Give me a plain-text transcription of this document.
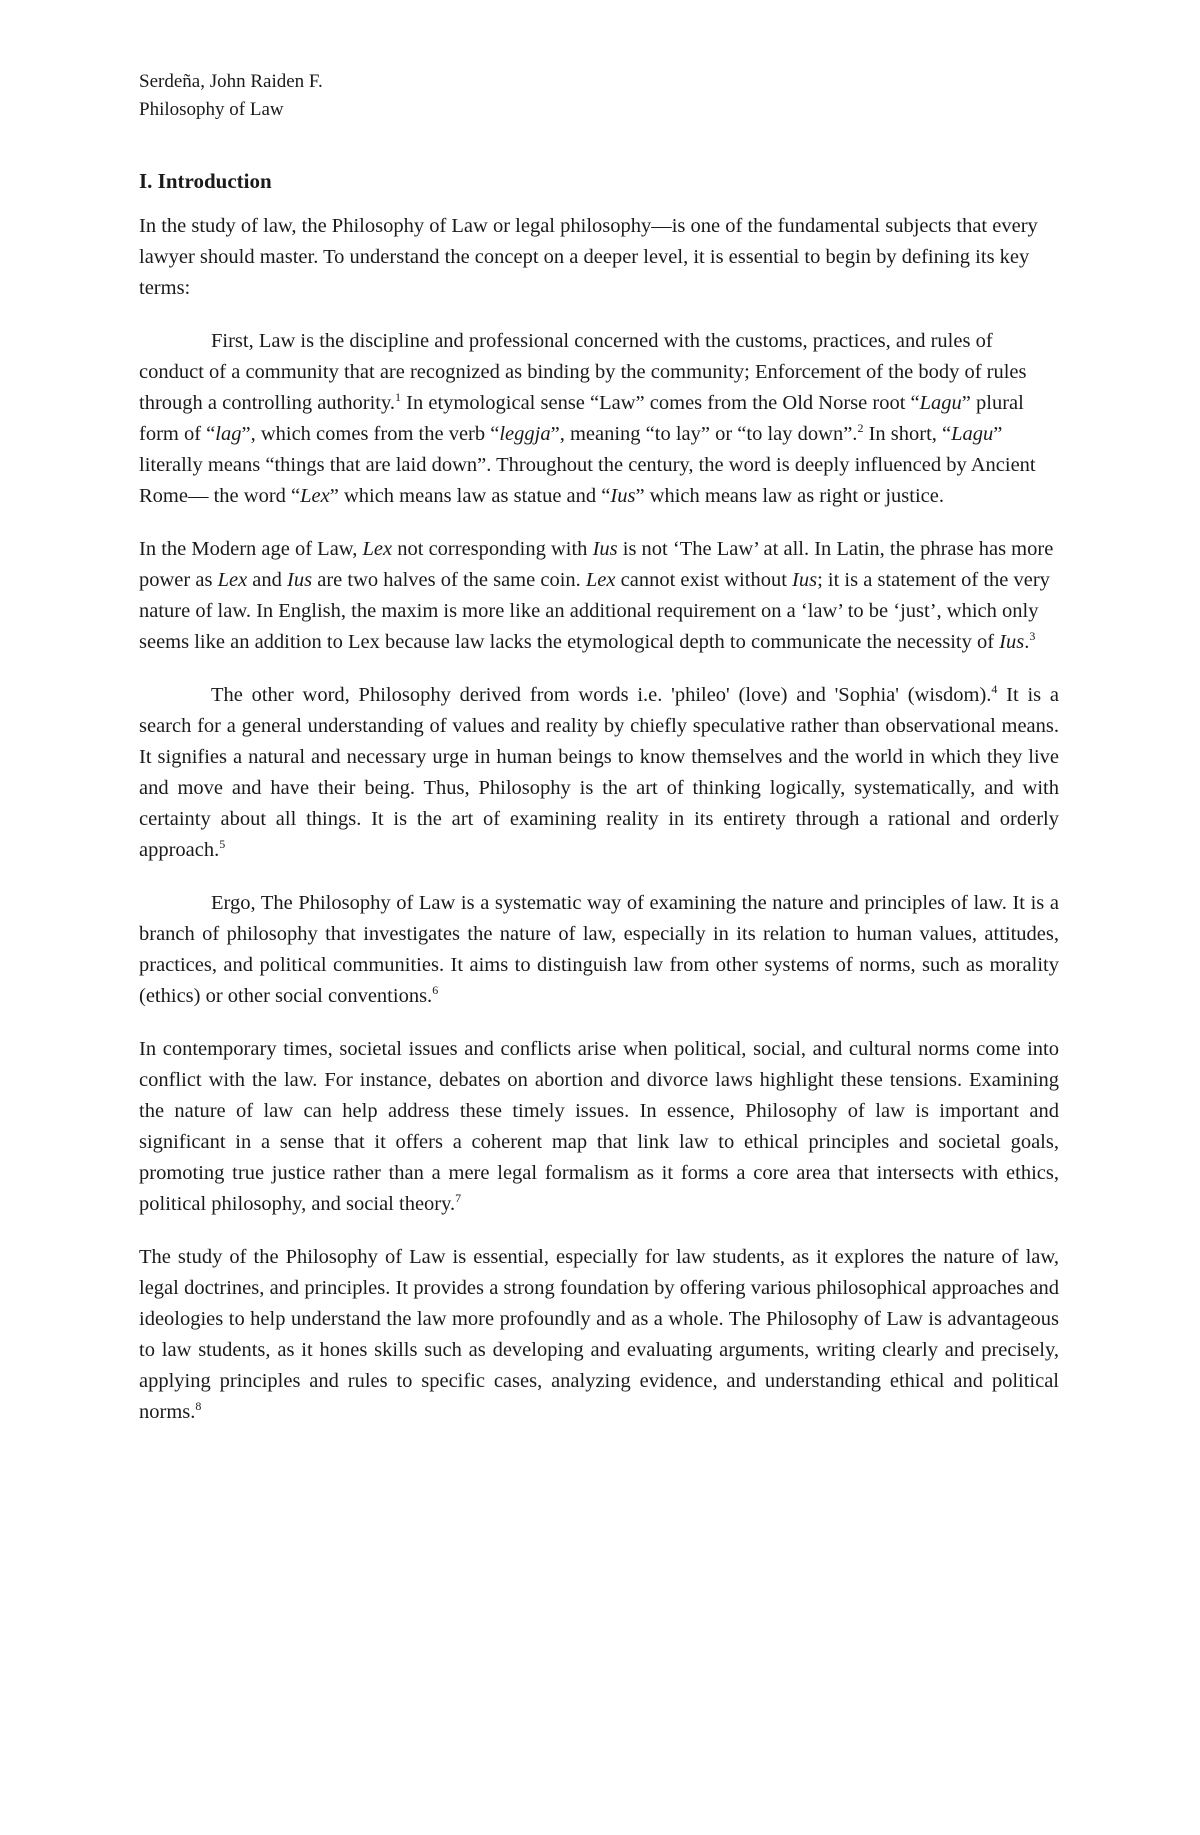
Serdeña, John Raiden F.

Philosophy of Law

I. Introduction

In the study of law, the Philosophy of Law or legal philosophy—is one of the fundamental subjects that every lawyer should master. To understand the concept on a deeper level, it is essential to begin by defining its key terms:

First, Law is the discipline and professional concerned with the customs, practices, and rules of conduct of a community that are recognized as binding by the community; Enforcement of the body of rules through a controlling authority.$^1$ In etymological sense “Law” comes from the Old Norse root “Lagu” plural form of “lag”, which comes from the verb “leggja”, meaning “to lay” or “to lay down”.$^2$ In short, “Lagu” literally means “things that are laid down”. Throughout the century, the word is deeply influenced by Ancient Rome— the word “Lex” which means law as statue and “Ius” which means law as right or justice.

In the Modern age of Law, Lex not corresponding with Ius is not ‘The Law’ at all. In Latin, the phrase has more power as Lex and Ius are two halves of the same coin. Lex cannot exist without Ius; it is a statement of the very nature of law. In English, the maxim is more like an additional requirement on a ‘law’ to be ‘just’, which only seems like an addition to Lex because law lacks the etymological depth to communicate the necessity of Ius.$^3$

The other word, Philosophy derived from words i.e. 'phileo' (love) and 'Sophia' (wisdom).$^4$ It is a search for a general understanding of values and reality by chiefly speculative rather than observational means. It signifies a natural and necessary urge in human beings to know themselves and the world in which they live and move and have their being. Thus, Philosophy is the art of thinking logically, systematically, and with certainty about all things. It is the art of examining reality in its entirety through a rational and orderly approach.$^5$

Ergo, The Philosophy of Law is a systematic way of examining the nature and principles of law. It is a branch of philosophy that investigates the nature of law, especially in its relation to human values, attitudes, practices, and political communities. It aims to distinguish law from other systems of norms, such as morality (ethics) or other social conventions.$^6$

In contemporary times, societal issues and conflicts arise when political, social, and cultural norms come into conflict with the law. For instance, debates on abortion and divorce laws highlight these tensions. Examining the nature of law can help address these timely issues. In essence, Philosophy of law is important and significant in a sense that it offers a coherent map that link law to ethical principles and societal goals, promoting true justice rather than a mere legal formalism as it forms a core area that intersects with ethics, political philosophy, and social theory.$^7$

The study of the Philosophy of Law is essential, especially for law students, as it explores the nature of law, legal doctrines, and principles. It provides a strong foundation by offering various philosophical approaches and ideologies to help understand the law more profoundly and as a whole. The Philosophy of Law is advantageous to law students, as it hones skills such as developing and evaluating arguments, writing clearly and precisely, applying principles and rules to specific cases, analyzing evidence, and understanding ethical and political norms.$^8$
